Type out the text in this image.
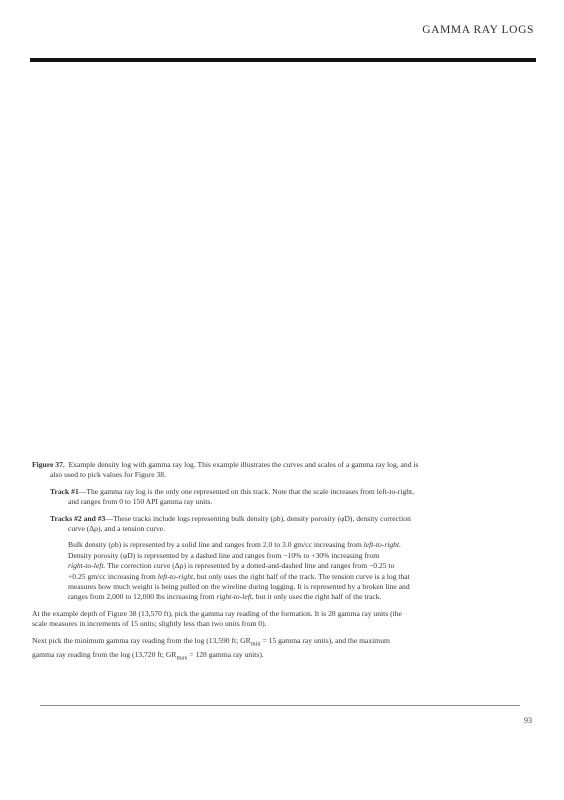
GAMMA RAY LOGS

Figure 37. Example density log with gamma ray log. This example illustrates the curves and scales of a gamma ray log, and is
also used to pick values for Figure 38.

Track #1—The gamma ray log is the only one represented on this track. Note that the scale increases from left-to-right,
and ranges from 0 to 150 API gamma ray units.

Tracks #2 and #3—These tracks include logs representing bulk density (ρb), density porosity (φD), density correction
curve (Δρ), and a tension curve.

Bulk density (ρb) is represented by a solid line and ranges from 2.0 to 3.0 gm/cc increasing from left-to-right.
Density porosity (φD) is represented by a dashed line and ranges from −10% to +30% increasing from
right-to-left. The correction curve (Δρ) is represented by a dotted-and-dashed line and ranges from −0.25 to
+0.25 gm/cc increasing from left-to-right, but only uses the right half of the track. The tension curve is a log that
measures how much weight is being pulled on the wireline during logging. It is represented by a broken line and
ranges from 2,000 to 12,000 lbs increasing from right-to-left, but it only uses the right half of the track.

At the example depth of Figure 38 (13,570 ft), pick the gamma ray reading of the formation. It is 28 gamma ray units (the
scale measures in increments of 15 units; slightly less than two units from 0).

Next pick the minimum gamma ray reading from the log (13,590 ft; $GR_{min} = 15$ gamma ray units), and the maximum
gamma ray reading from the log (13,720 ft; $GR_{max} = 128$ gamma ray units).

93
